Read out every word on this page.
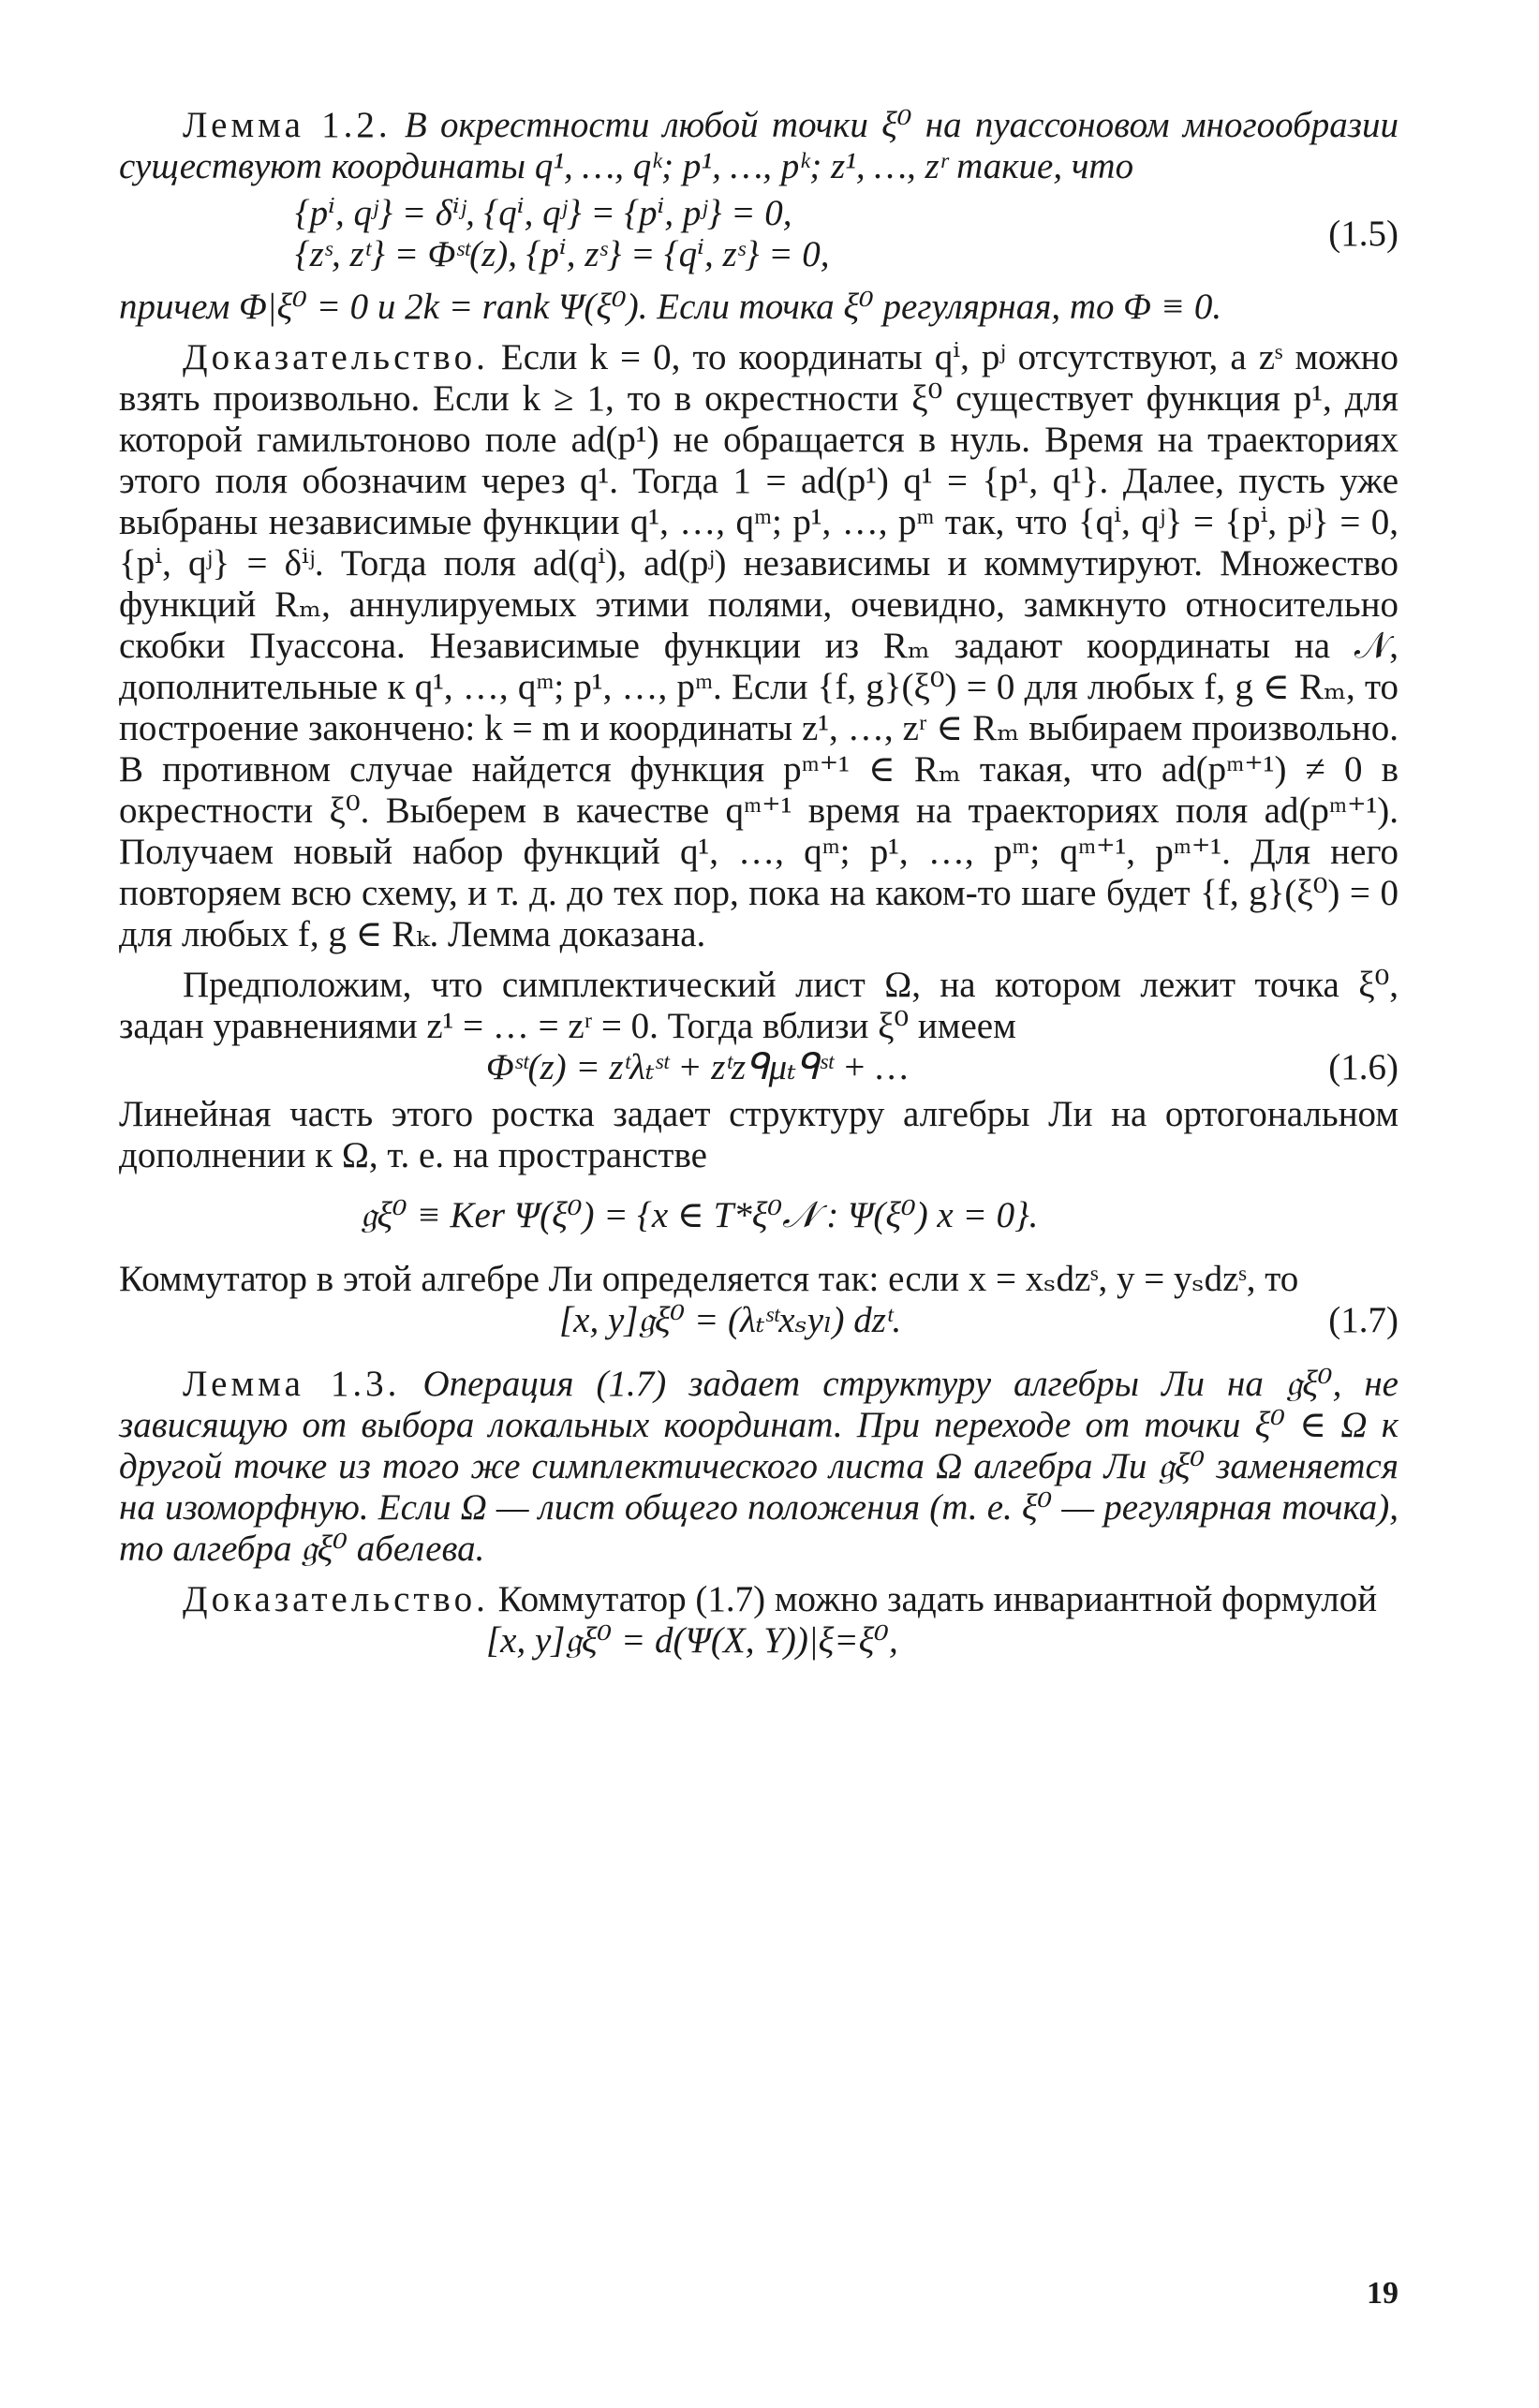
Лемма 1.2. В окрестности любой точки ξ⁰ на пуассоновом многообразии существуют координаты q¹, …, qᵏ; p¹, …, pᵏ; z¹, …, zʳ такие, что

{pⁱ, qʲ} = δⁱʲ, {qⁱ, qʲ} = {pⁱ, pʲ} = 0,
{zˢ, zᵗ} = Φˢᵗ(z), {pⁱ, zˢ} = {qⁱ, zˢ} = 0,
(1.5)

причем Φ|ξ⁰ = 0 и 2k = rank Ψ(ξ⁰). Если точка ξ⁰ регулярная, то Φ ≡ 0.

Доказательство. Если k = 0, то координаты qⁱ, pʲ отсутствуют, а zˢ можно взять произвольно. Если k ≥ 1, то в окрестности ξ⁰ существует функция p¹, для которой гамильтоново поле ad(p¹) не обращается в нуль. Время на траекториях этого поля обозначим через q¹. Тогда 1 = ad(p¹) q¹ = {p¹, q¹}. Далее, пусть уже выбраны независимые функции q¹, …, qᵐ; p¹, …, pᵐ так, что {qⁱ, qʲ} = {pⁱ, pʲ} = 0, {pⁱ, qʲ} = δⁱʲ. Тогда поля ad(qⁱ), ad(pʲ) независимы и коммутируют. Множество функций Rₘ, аннулируемых этими полями, очевидно, замкнуто относительно скобки Пуассона. Независимые функции из Rₘ задают координаты на 𝒩, дополнительные к q¹, …, qᵐ; p¹, …, pᵐ. Если {f, g}(ξ⁰) = 0 для любых f, g ∈ Rₘ, то построение закончено: k = m и координаты z¹, …, zʳ ∈ Rₘ выбираем произвольно. В противном случае найдется функция pᵐ⁺¹ ∈ Rₘ такая, что ad(pᵐ⁺¹) ≠ 0 в окрестности ξ⁰. Выберем в качестве qᵐ⁺¹ время на траекториях поля ad(pᵐ⁺¹). Получаем новый набор функций q¹, …, qᵐ; p¹, …, pᵐ; qᵐ⁺¹, pᵐ⁺¹. Для него повторяем всю схему, и т. д. до тех пор, пока на каком-то шаге будет {f, g}(ξ⁰) = 0 для любых f, g ∈ Rₖ. Лемма доказана.

Предположим, что симплектический лист Ω, на котором лежит точка ξ⁰, задан уравнениями z¹ = … = zʳ = 0. Тогда вблизи ξ⁰ имеем

Φˢᵗ(z) = zᵗλₜˢᵗ + zᵗzᑫμₜᑫˢᵗ + …	(1.6)

Линейная часть этого ростка задает структуру алгебры Ли на ортогональном дополнении к Ω, т. е. на пространстве

𝔤ξ⁰ ≡ Ker Ψ(ξ⁰) = {x ∈ T*ξ⁰𝒩 : Ψ(ξ⁰) x = 0}.

Коммутатор в этой алгебре Ли определяется так: если x = xₛdzˢ, y = yₛdzˢ, то

[x, y]𝔤ξ⁰ = (λₜˢᵗxₛyₗ) dzᵗ.	(1.7)

Лемма 1.3. Операция (1.7) задает структуру алгебры Ли на 𝔤ξ⁰, не зависящую от выбора локальных координат. При переходе от точки ξ⁰ ∈ Ω к другой точке из того же симплектического листа Ω алгебра Ли 𝔤ξ⁰ заменяется на изоморфную. Если Ω — лист общего положения (т. е. ξ⁰ — регулярная точка), то алгебра 𝔤ξ⁰ абелева.

Доказательство. Коммутатор (1.7) можно задать инвариантной формулой

[x, y]𝔤ξ⁰ = d(Ψ(X, Y))|ξ=ξ⁰,
19
